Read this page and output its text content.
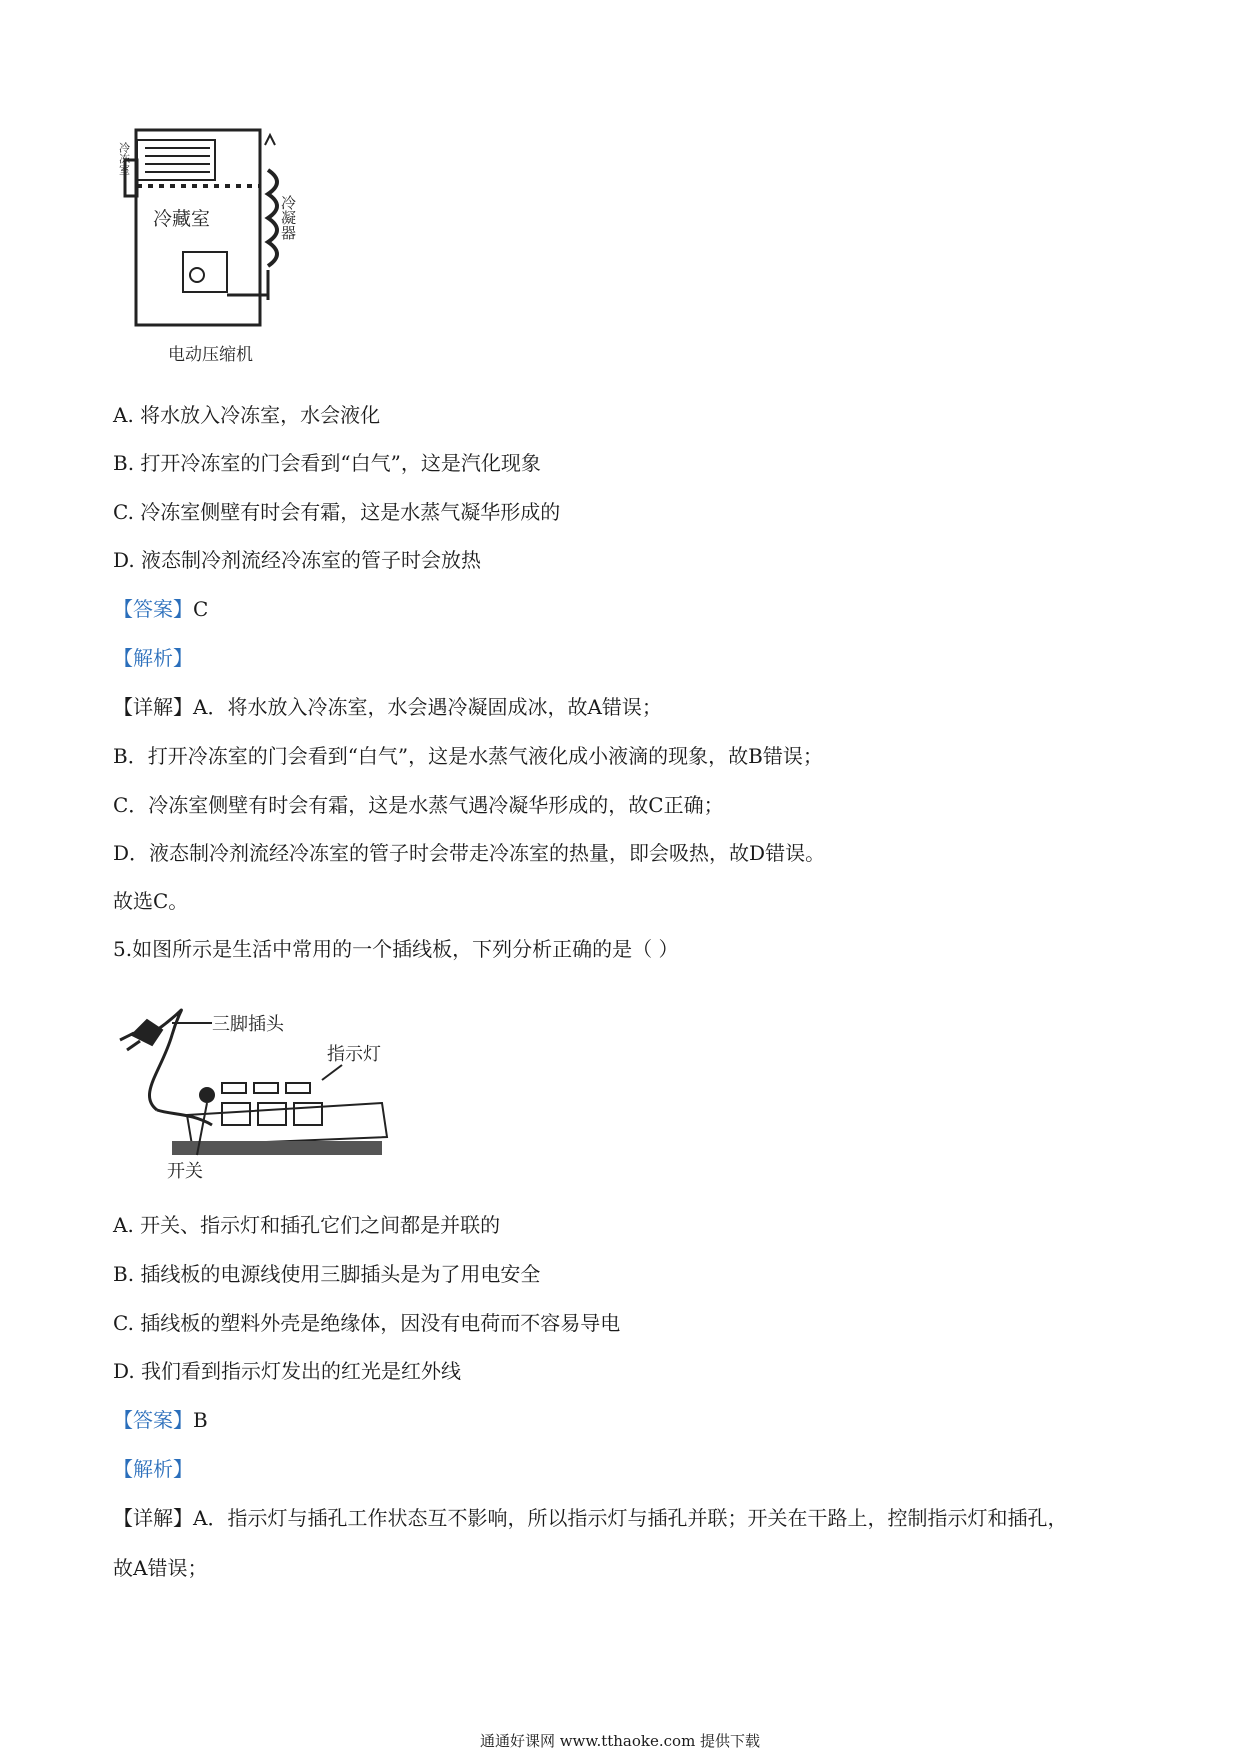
冷冻室
冷藏室	冷凝器
电动压缩机
A. 将水放入冷冻室，水会液化
B. 打开冷冻室的门会看到“白气”，这是汽化现象
C. 冷冻室侧壁有时会有霜，这是水蒸气凝华形成的
D. 液态制冷剂流经冷冻室的管子时会放热
【答案】C
【解析】
【详解】A．将水放入冷冻室，水会遇冷凝固成冰，故A错误；
B．打开冷冻室的门会看到“白气”，这是水蒸气液化成小液滴的现象，故B错误；
C．冷冻室侧壁有时会有霜，这是水蒸气遇冷凝华形成的，故C正确；
D．液态制冷剂流经冷冻室的管子时会带走冷冻室的热量，即会吸热，故D错误。
故选C。
5.如图所示是生活中常用的一个插线板，下列分析正确的是（ ）
三脚插头
指示灯
开关
A. 开关、指示灯和插孔它们之间都是并联的
B. 插线板的电源线使用三脚插头是为了用电安全
C. 插线板的塑料外壳是绝缘体，因没有电荷而不容易导电
D. 我们看到指示灯发出的红光是红外线
【答案】B
【解析】
【详解】A．指示灯与插孔工作状态互不影响，所以指示灯与插孔并联；开关在干路上，控制指示灯和插孔，
故A错误；
通通好课网 www.tthaoke.com 提供下载
